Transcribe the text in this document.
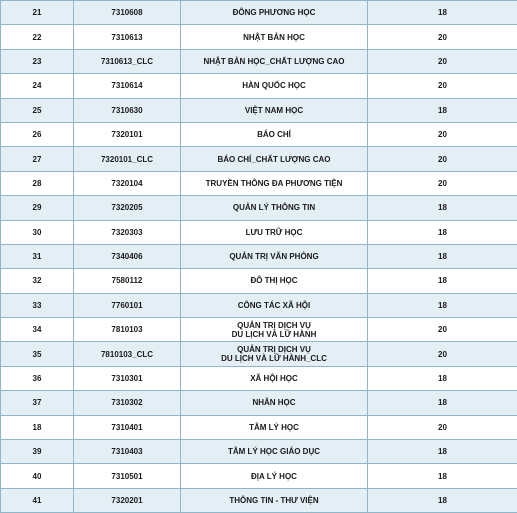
21	7310608	ĐÔNG PHƯƠNG HỌC	18
22	7310613	NHẬT BẢN HỌC	20
23	7310613_CLC	NHẬT BẢN HỌC_CHẤT LƯỢNG CAO	20
24	7310614	HÀN QUỐC HỌC	20
25	7310630	VIỆT NAM HỌC	18
26	7320101	BÁO CHÍ	20
27	7320101_CLC	BÁO CHÍ_CHẤT LƯỢNG CAO	20
28	7320104	TRUYỀN THÔNG ĐA PHƯƠNG TIỆN	20
29	7320205	QUẢN LÝ THÔNG TIN	18
30	7320303	LƯU TRỮ HỌC	18
31	7340406	QUẢN TRỊ VĂN PHÒNG	18
32	7580112	ĐÔ THỊ HỌC	18
33	7760101	CÔNG TÁC XÃ HỘI	18
34	7810103	QUẢN TRỊ DỊCH VỤ
DU LỊCH VÀ LỮ HÀNH	20
35	7810103_CLC	QUẢN TRỊ DỊCH VỤ
DU LỊCH VÀ LỮ HÀNH_CLC	20
36	7310301	XÃ HỘI HỌC	18
37	7310302	NHÂN HỌC	18
18	7310401	TÂM LÝ HỌC	20
39	7310403	TÂM LÝ HỌC GIÁO DỤC	18
40	7310501	ĐỊA LÝ HỌC	18
41	7320201	THÔNG TIN - THƯ VIỆN	18
